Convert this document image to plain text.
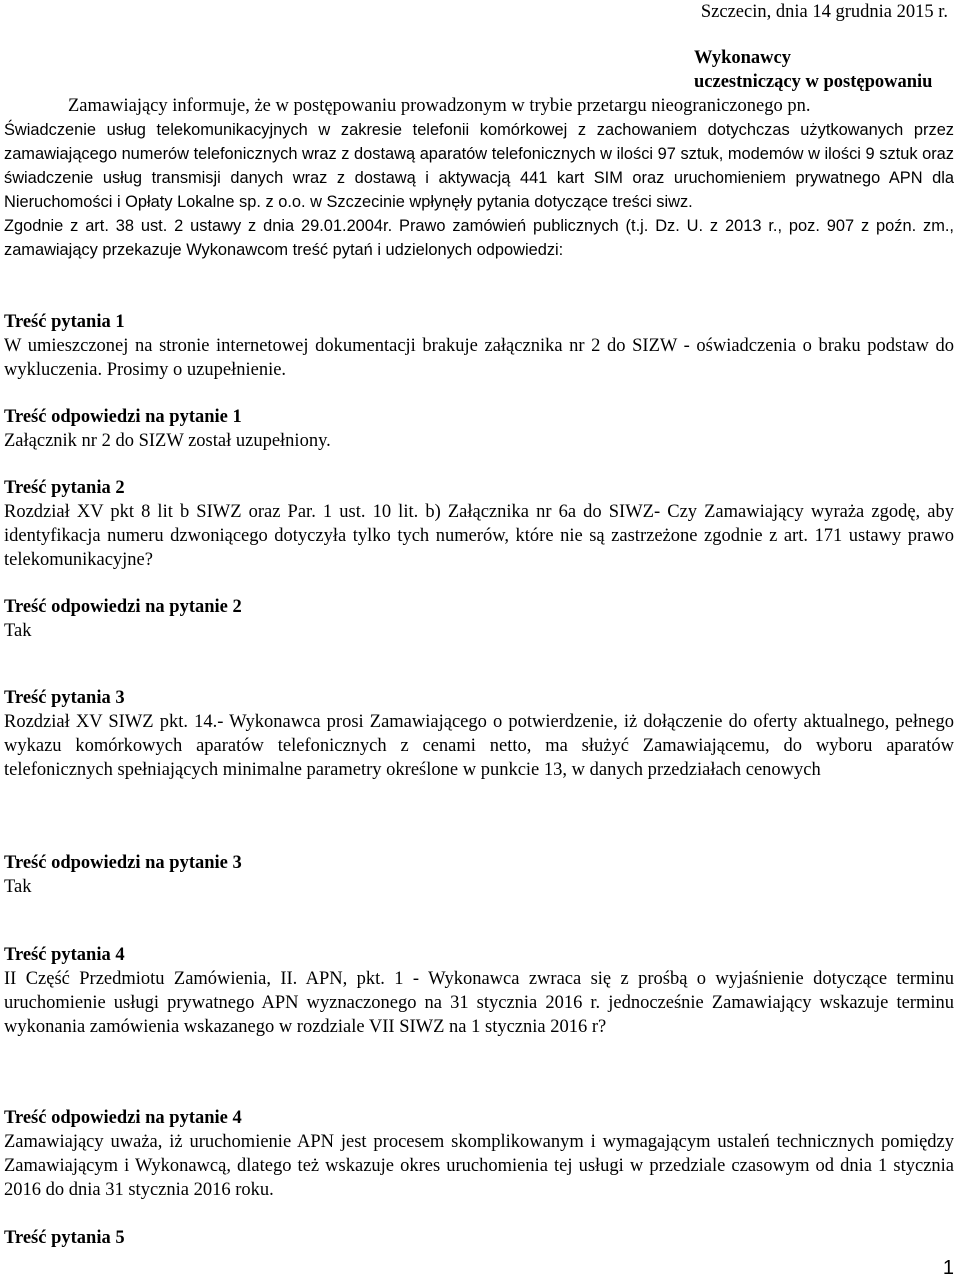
Szczecin, dnia 14 grudnia 2015 r.

Wykonawcy
uczestniczący w postępowaniu

Zamawiający informuje, że w postępowaniu prowadzonym w trybie przetargu nieograniczonego pn.

Świadczenie usług telekomunikacyjnych w zakresie telefonii komórkowej z zachowaniem dotychczas użytkowanych przez zamawiającego numerów telefonicznych wraz z dostawą aparatów telefonicznych w ilości 97 sztuk, modemów w ilości 9 sztuk oraz świadczenie usług transmisji danych wraz z dostawą i aktywacją 441 kart SIM oraz uruchomieniem prywatnego APN dla Nieruchomości i Opłaty Lokalne sp. z o.o. w Szczecinie wpłynęły pytania dotyczące treści siwz.

Zgodnie z art. 38 ust. 2 ustawy z dnia 29.01.2004r. Prawo zamówień publicznych (t.j. Dz. U. z 2013 r., poz. 907 z poźn. zm., zamawiający przekazuje Wykonawcom treść pytań i udzielonych odpowiedzi:

Treść pytania 1

W umieszczonej na stronie internetowej dokumentacji brakuje załącznika nr 2 do SIZW - oświadczenia o braku podstaw do wykluczenia. Prosimy o uzupełnienie.

Treść odpowiedzi na pytanie 1

Załącznik nr 2 do SIZW został uzupełniony.

Treść pytania 2

Rozdział XV pkt 8 lit b SIWZ oraz Par. 1 ust. 10 lit. b) Załącznika nr 6a do SIWZ- Czy Zamawiający wyraża zgodę, aby identyfikacja numeru dzwoniącego dotyczyła tylko tych numerów, które nie są zastrzeżone zgodnie z art. 171 ustawy prawo telekomunikacyjne?

Treść odpowiedzi na pytanie 2

Tak

Treść pytania 3

Rozdział XV SIWZ pkt. 14.- Wykonawca prosi Zamawiającego o potwierdzenie, iż dołączenie do oferty aktualnego, pełnego wykazu komórkowych aparatów telefonicznych z cenami netto, ma służyć Zamawiającemu, do wyboru aparatów telefonicznych spełniających minimalne parametry określone w punkcie 13, w danych przedziałach cenowych

Treść odpowiedzi na pytanie 3

Tak

Treść pytania 4

II Część Przedmiotu Zamówienia, II. APN, pkt. 1 - Wykonawca zwraca się z prośbą o wyjaśnienie dotyczące terminu uruchomienie usługi prywatnego APN wyznaczonego na 31 stycznia 2016 r. jednocześnie Zamawiający wskazuje terminu wykonania zamówienia wskazanego w rozdziale VII SIWZ na 1 stycznia 2016 r?

Treść odpowiedzi na pytanie 4

Zamawiający uważa, iż uruchomienie APN jest procesem skomplikowanym i wymagającym ustaleń technicznych pomiędzy Zamawiającym i Wykonawcą, dlatego też wskazuje okres uruchomienia tej usługi w przedziale czasowym od dnia 1 stycznia 2016 do dnia 31 stycznia 2016 roku.

Treść pytania 5

1
